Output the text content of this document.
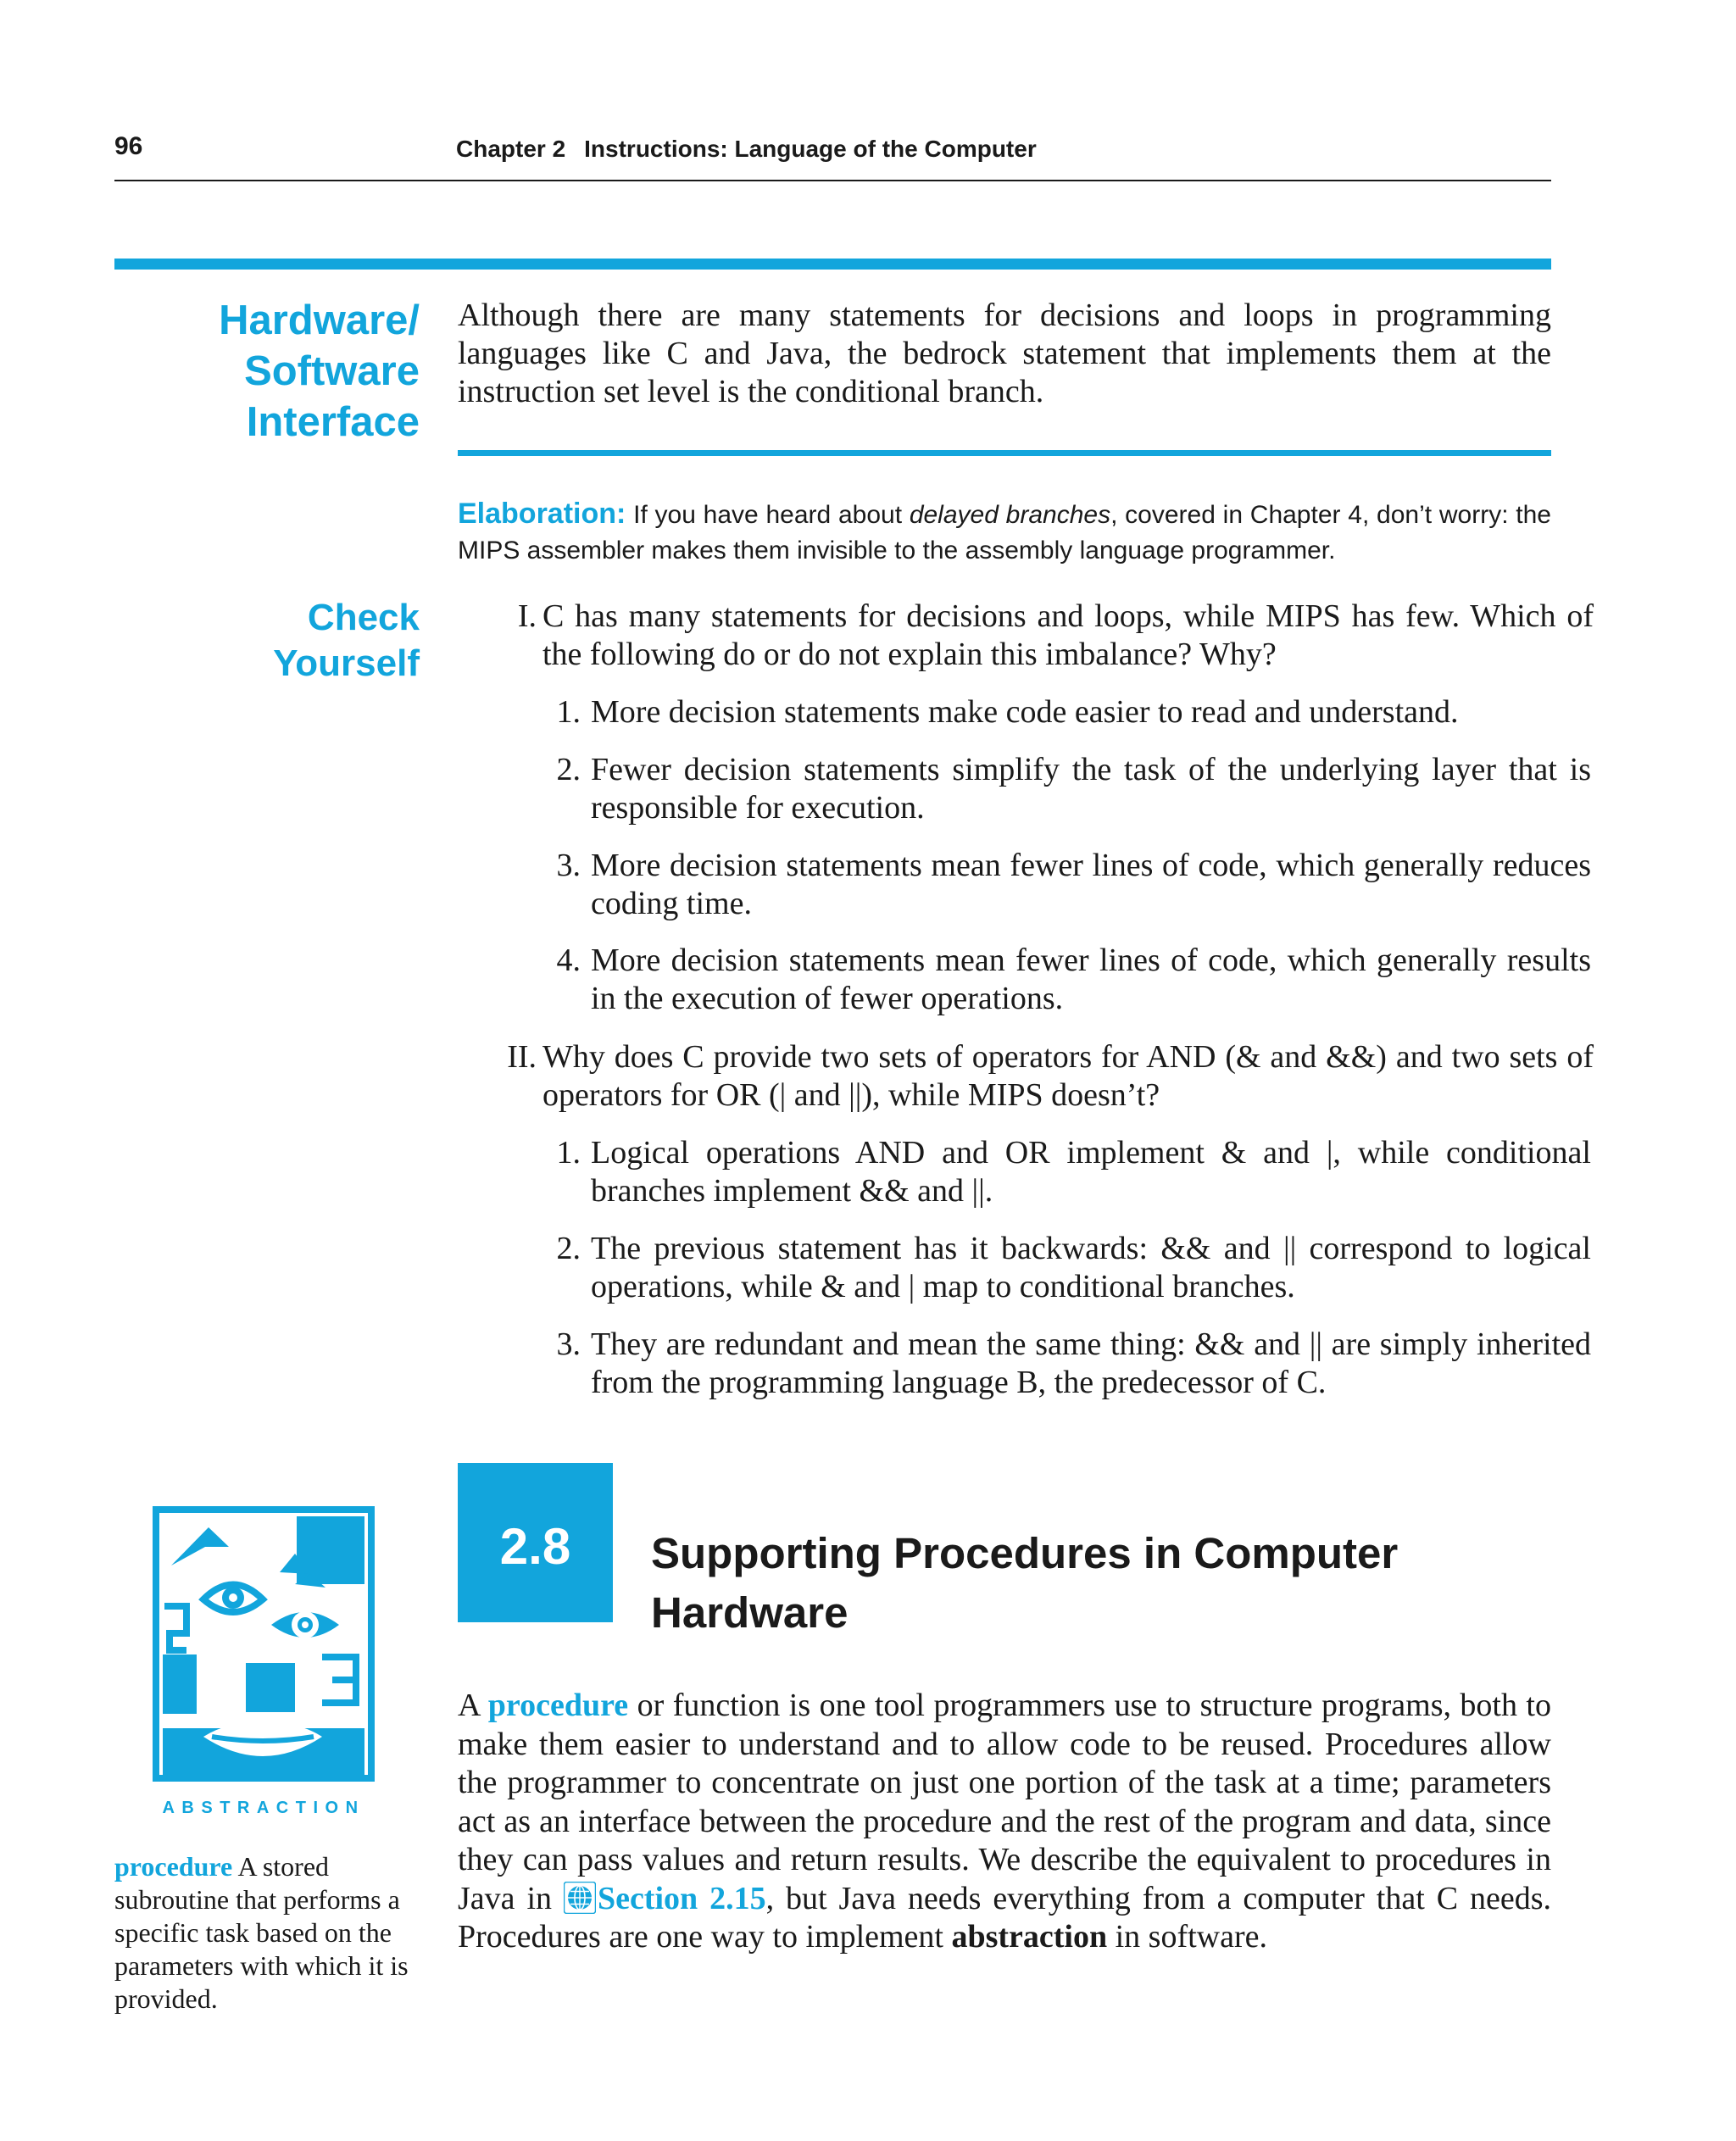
96	Chapter 2 Instructions: Language of the Computer
Hardware/
Software
Interface
Although there are many statements for decisions and loops in programming languages like C and Java, the bedrock statement that implements them at the instruction set level is the conditional branch.
Elaboration: If you have heard about delayed branches, covered in Chapter 4, don’t worry: the MIPS assembler makes them invisible to the assembly language programmer.
Check
Yourself
I. C has many statements for decisions and loops, while MIPS has few. Which of the following do or do not explain this imbalance? Why?
1. More decision statements make code easier to read and understand.
2. Fewer decision statements simplify the task of the underlying layer that is responsible for execution.
3. More decision statements mean fewer lines of code, which generally reduces coding time.
4. More decision statements mean fewer lines of code, which generally results in the execution of fewer operations.
II. Why does C provide two sets of operators for AND (& and &&) and two sets of operators for OR (| and ||), while MIPS doesn’t?
1. Logical operations AND and OR implement & and |, while conditional branches implement && and ||.
2. The previous statement has it backwards: && and || correspond to logical operations, while & and | map to conditional branches.
3. They are redundant and mean the same thing: && and || are simply inherited from the programming language B, the predecessor of C.
2.8	Supporting Procedures in Computer Hardware
A procedure or function is one tool programmers use to structure programs, both to make them easier to understand and to allow code to be reused. Procedures allow the programmer to concentrate on just one portion of the task at a time; parameters act as an interface between the procedure and the rest of the program and data, since they can pass values and return results. We describe the equivalent to procedures in Java in Section 2.15, but Java needs everything from a computer that C needs. Procedures are one way to implement abstraction in software.
ABSTRACTION
procedure A stored subroutine that performs a specific task based on the parameters with which it is provided.
